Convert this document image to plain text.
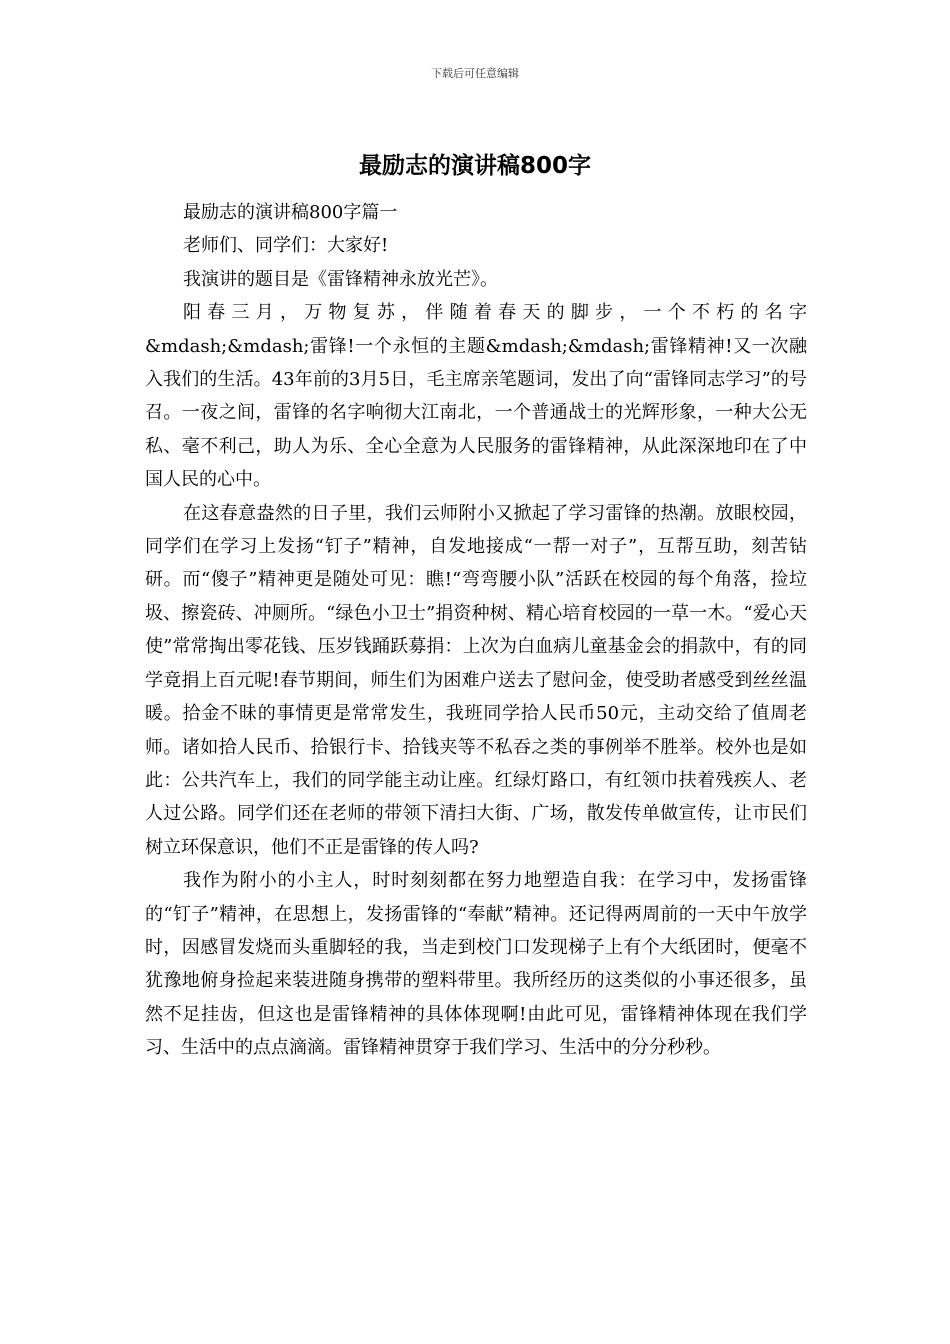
下载后可任意编辑
最励志的演讲稿800字

最励志的演讲稿800字篇一

老师们、同学们：大家好!

我演讲的题目是《雷锋精神永放光芒》。

阳春三月，万物复苏，伴随着春天的脚步，一个不朽的名字&mdash;&mdash;雷锋!一个永恒的主题&mdash;&mdash;雷锋精神!又一次融入我们的生活。43年前的3月5日，毛主席亲笔题词，发出了向“雷锋同志学习”的号召。一夜之间，雷锋的名字响彻大江南北，一个普通战士的光辉形象，一种大公无私、毫不利己，助人为乐、全心全意为人民服务的雷锋精神，从此深深地印在了中国人民的心中。

在这春意盎然的日子里，我们云师附小又掀起了学习雷锋的热潮。放眼校园，同学们在学习上发扬“钉子”精神，自发地接成“一帮一对子”，互帮互助，刻苦钻研。而“傻子”精神更是随处可见：瞧!“弯弯腰小队”活跃在校园的每个角落，捡垃圾、擦瓷砖、冲厕所。“绿色小卫士”捐资种树、精心培育校园的一草一木。“爱心天使”常常掏出零花钱、压岁钱踊跃募捐：上次为白血病儿童基金会的捐款中，有的同学竟捐上百元呢!春节期间，师生们为困难户送去了慰问金，使受助者感受到丝丝温暖。拾金不昧的事情更是常常发生，我班同学拾人民币50元，主动交给了值周老师。诸如拾人民币、拾银行卡、拾钱夹等不私吞之类的事例举不胜举。校外也是如此：公共汽车上，我们的同学能主动让座。红绿灯路口，有红领巾扶着残疾人、老人过公路。同学们还在老师的带领下清扫大街、广场，散发传单做宣传，让市民们树立环保意识，他们不正是雷锋的传人吗?

我作为附小的小主人，时时刻刻都在努力地塑造自我：在学习中，发扬雷锋的“钉子”精神，在思想上，发扬雷锋的“奉献”精神。还记得两周前的一天中午放学时，因感冒发烧而头重脚轻的我，当走到校门口发现梯子上有个大纸团时，便毫不犹豫地俯身捡起来装进随身携带的塑料带里。我所经历的这类似的小事还很多，虽然不足挂齿，但这也是雷锋精神的具体体现啊!由此可见，雷锋精神体现在我们学习、生活中的点点滴滴。雷锋精神贯穿于我们学习、生活中的分分秒秒。
